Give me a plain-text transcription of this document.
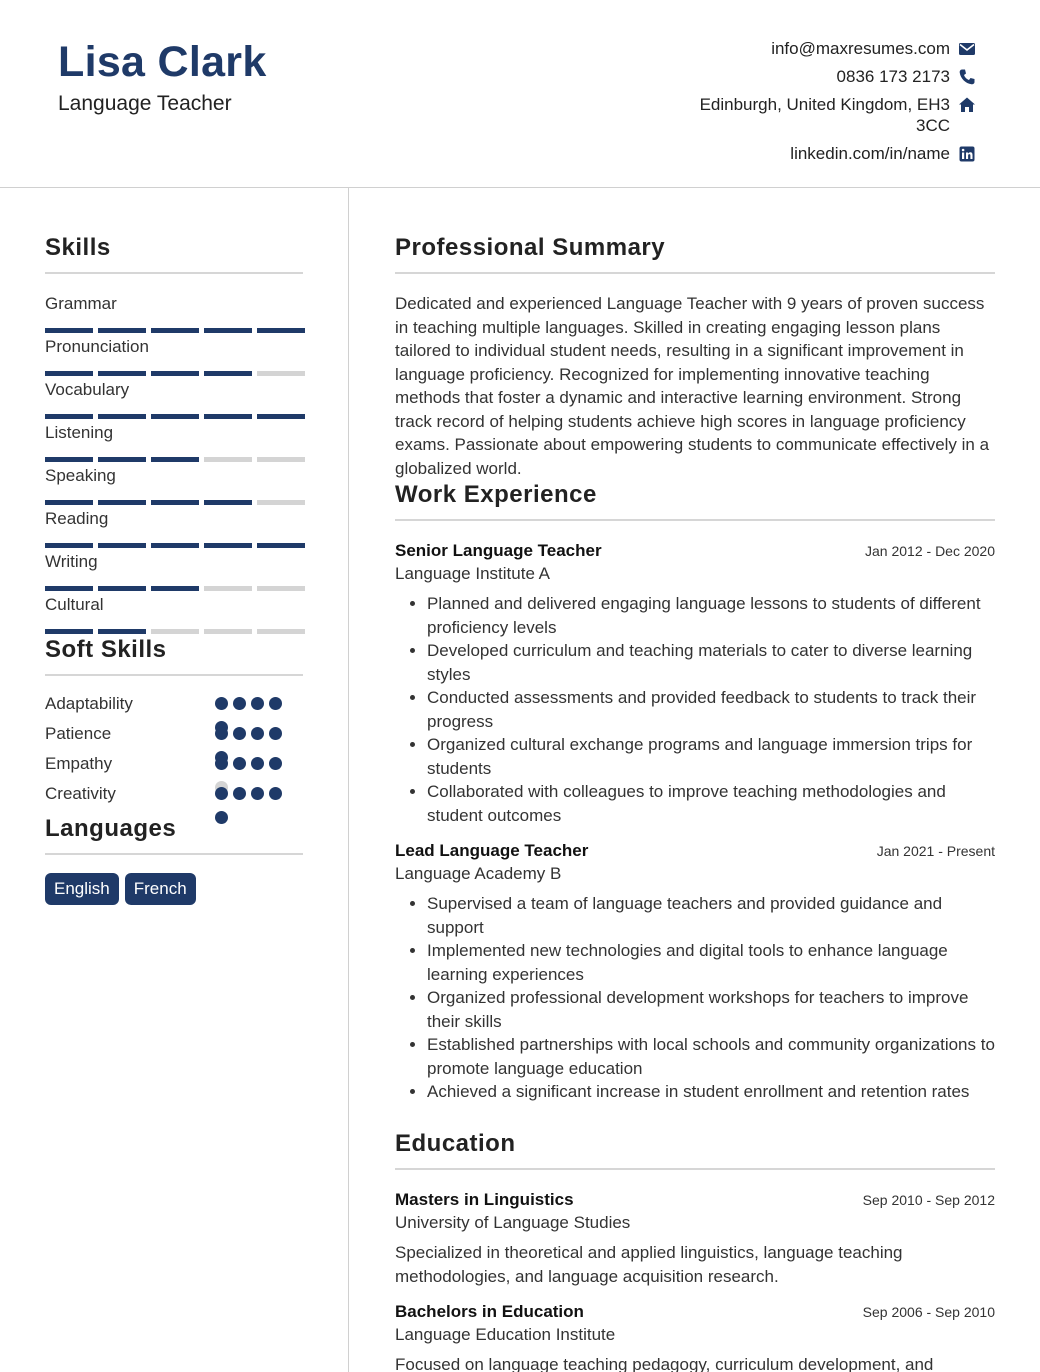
Lisa Clark
Language Teacher
info@maxresumes.com
0836 173 2173
Edinburgh, United Kingdom, EH3 3CC
linkedin.com/in/name
Skills
Grammar
Pronunciation
Vocabulary
Listening
Speaking
Reading
Writing
Cultural
Soft Skills
Adaptability
Patience
Empathy
Creativity
Languages
English	French
Professional Summary
Dedicated and experienced Language Teacher with 9 years of proven success in teaching multiple languages. Skilled in creating engaging lesson plans tailored to individual student needs, resulting in a significant improvement in language proficiency. Recognized for implementing innovative teaching methods that foster a dynamic and interactive learning environment. Strong track record of helping students achieve high scores in language proficiency exams. Passionate about empowering students to communicate effectively in a globalized world.
Work Experience
Senior Language Teacher	Jan 2012 - Dec 2020
Language Institute A
• Planned and delivered engaging language lessons to students of different proficiency levels
• Developed curriculum and teaching materials to cater to diverse learning styles
• Conducted assessments and provided feedback to students to track their progress
• Organized cultural exchange programs and language immersion trips for students
• Collaborated with colleagues to improve teaching methodologies and student outcomes
Lead Language Teacher	Jan 2021 - Present
Language Academy B
• Supervised a team of language teachers and provided guidance and support
• Implemented new technologies and digital tools to enhance language learning experiences
• Organized professional development workshops for teachers to improve their skills
• Established partnerships with local schools and community organizations to promote language education
• Achieved a significant increase in student enrollment and retention rates
Education
Masters in Linguistics	Sep 2010 - Sep 2012
University of Language Studies
Specialized in theoretical and applied linguistics, language teaching methodologies, and language acquisition research.
Bachelors in Education	Sep 2006 - Sep 2010
Language Education Institute
Focused on language teaching pedagogy, curriculum development, and
